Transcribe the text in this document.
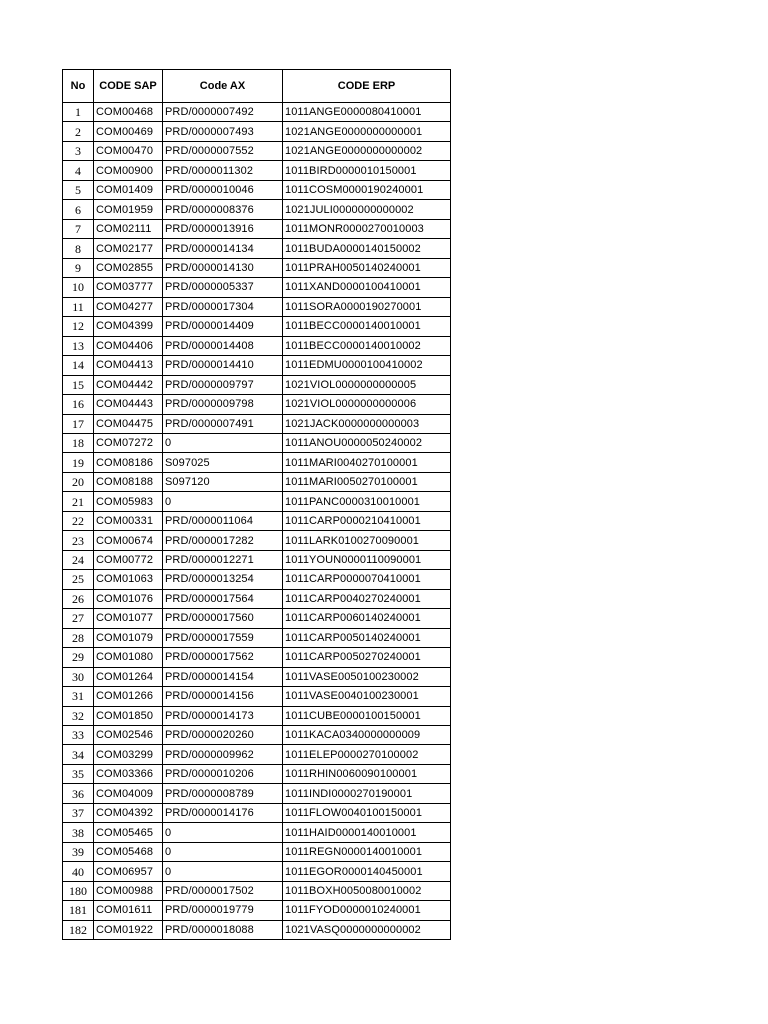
No	CODE SAP	Code AX	CODE ERP
1	COM00468	PRD/0000007492	1011ANGE0000080410001
2	COM00469	PRD/0000007493	1021ANGE0000000000001
3	COM00470	PRD/0000007552	1021ANGE0000000000002
4	COM00900	PRD/0000011302	1011BIRD0000010150001
5	COM01409	PRD/0000010046	1011COSM0000190240001
6	COM01959	PRD/0000008376	1021JULI0000000000002
7	COM02111	PRD/0000013916	1011MONR0000270010003
8	COM02177	PRD/0000014134	1011BUDA0000140150002
9	COM02855	PRD/0000014130	1011PRAH0050140240001
10	COM03777	PRD/0000005337	1011XAND0000100410001
11	COM04277	PRD/0000017304	1011SORA0000190270001
12	COM04399	PRD/0000014409	1011BECC0000140010001
13	COM04406	PRD/0000014408	1011BECC0000140010002
14	COM04413	PRD/0000014410	1011EDMU0000100410002
15	COM04442	PRD/0000009797	1021VIOL0000000000005
16	COM04443	PRD/0000009798	1021VIOL0000000000006
17	COM04475	PRD/0000007491	1021JACK0000000000003
18	COM07272	0	1011ANOU0000050240002
19	COM08186	S097025	1011MARI0040270100001
20	COM08188	S097120	1011MARI0050270100001
21	COM05983	0	1011PANC0000310010001
22	COM00331	PRD/0000011064	1011CARP0000210410001
23	COM00674	PRD/0000017282	1011LARK0100270090001
24	COM00772	PRD/0000012271	1011YOUN0000110090001
25	COM01063	PRD/0000013254	1011CARP0000070410001
26	COM01076	PRD/0000017564	1011CARP0040270240001
27	COM01077	PRD/0000017560	1011CARP0060140240001
28	COM01079	PRD/0000017559	1011CARP0050140240001
29	COM01080	PRD/0000017562	1011CARP0050270240001
30	COM01264	PRD/0000014154	1011VASE0050100230002
31	COM01266	PRD/0000014156	1011VASE0040100230001
32	COM01850	PRD/0000014173	1011CUBE0000100150001
33	COM02546	PRD/0000020260	1011KACA0340000000009
34	COM03299	PRD/0000009962	1011ELEP0000270100002
35	COM03366	PRD/0000010206	1011RHIN0060090100001
36	COM04009	PRD/0000008789	1011INDI0000270190001
37	COM04392	PRD/0000014176	1011FLOW0040100150001
38	COM05465	0	1011HAID0000140010001
39	COM05468	0	1011REGN0000140010001
40	COM06957	0	1011EGOR0000140450001
180	COM00988	PRD/0000017502	1011BOXH0050080010002
181	COM01611	PRD/0000019779	1011FYOD0000010240001
182	COM01922	PRD/0000018088	1021VASQ0000000000002
